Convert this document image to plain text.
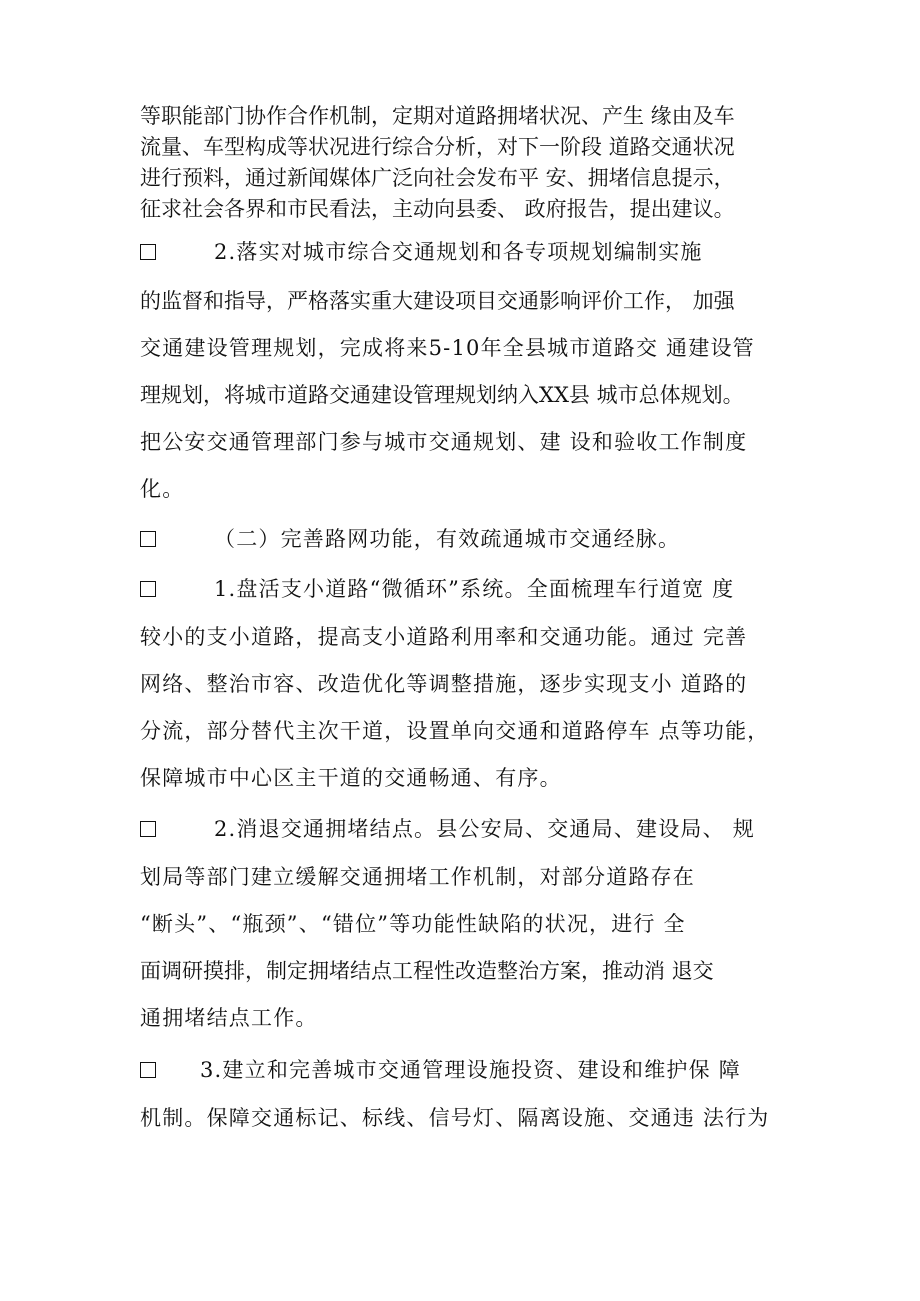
等职能部门协作合作机制，定期对道路拥堵状况、产生 缘由及车
流量、车型构成等状况进行综合分析，对下一阶段 道路交通状况
进行预料，通过新闻媒体广泛向社会发布平 安、拥堵信息提示，
征求社会各界和市民看法，主动向县委、 政府报告，提出建议。
2.落实对城市综合交通规划和各专项规划编制实施
的监督和指导，严格落实重大建设项目交通影响评价工作， 加强
交通建设管理规划，完成将来5-10年全县城市道路交 通建设管
理规划，将城市道路交通建设管理规划纳入XX县 城市总体规划。
把公安交通管理部门参与城市交通规划、建 设和验收工作制度
化。
（二）完善路网功能，有效疏通城市交通经脉。
1.盘活支小道路“微循环”系统。全面梳理车行道宽 度
较小的支小道路，提高支小道路利用率和交通功能。通过 完善
网络、整治市容、改造优化等调整措施，逐步实现支小 道路的
分流，部分替代主次干道，设置单向交通和道路停车 点等功能，
保障城市中心区主干道的交通畅通、有序。
2.消退交通拥堵结点。县公安局、交通局、建设局、 规
划局等部门建立缓解交通拥堵工作机制，对部分道路存在
“断头”、“瓶颈”、“错位”等功能性缺陷的状况，进行 全
面调研摸排，制定拥堵结点工程性改造整治方案，推动消 退交
通拥堵结点工作。
3.建立和完善城市交通管理设施投资、建设和维护保 障
机制。保障交通标记、标线、信号灯、隔离设施、交通违 法行为
